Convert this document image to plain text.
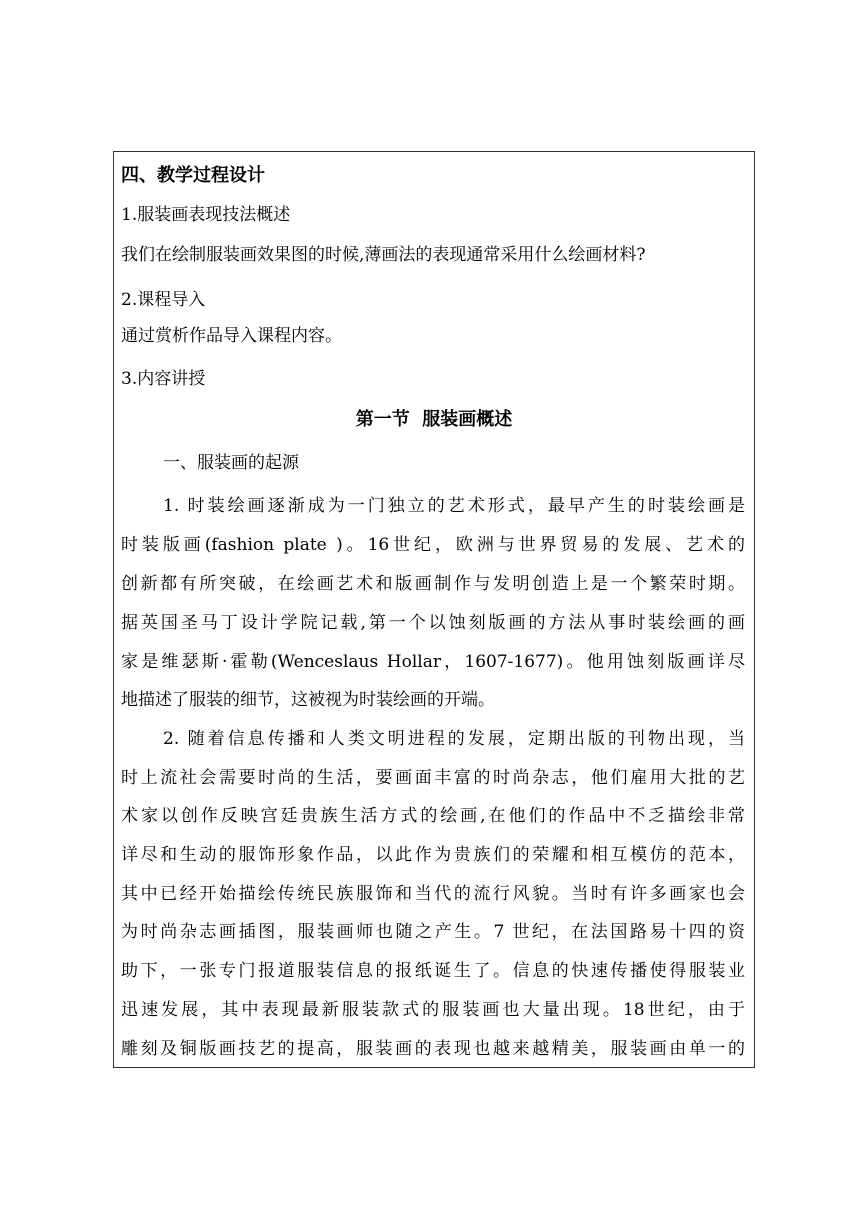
四、教学过程设计
1.服装画表现技法概述
我们在绘制服装画效果图的时候,薄画法的表现通常采用什么绘画材料?
2.课程导入
通过赏析作品导入课程内容。
3.内容讲授
第一节  服装画概述
一、服装画的起源
1. 时装绘画逐渐成为一门独立的艺术形式，最早产生的时装绘画是
时装版画(fashion plate )。16世纪，欧洲与世界贸易的发展、艺术的
创新都有所突破，在绘画艺术和版画制作与发明创造上是一个繁荣时期。
据英国圣马丁设计学院记载,第一个以蚀刻版画的方法从事时装绘画的画
家是维瑟斯·霍勒(Wenceslaus Hollar，1607-1677)。他用蚀刻版画详尽
地描述了服装的细节，这被视为时装绘画的开端。
2. 随着信息传播和人类文明进程的发展，定期出版的刊物出现，当
时上流社会需要时尚的生活，要画面丰富的时尚杂志，他们雇用大批的艺
术家以创作反映宫廷贵族生活方式的绘画,在他们的作品中不乏描绘非常
详尽和生动的服饰形象作品，以此作为贵族们的荣耀和相互模仿的范本，
其中已经开始描绘传统民族服饰和当代的流行风貌。当时有许多画家也会
为时尚杂志画插图，服装画师也随之产生。7 世纪，在法国路易十四的资
助下，一张专门报道服装信息的报纸诞生了。信息的快速传播使得服装业
迅速发展，其中表现最新服装款式的服装画也大量出现。18世纪，由于
雕刻及铜版画技艺的提高，服装画的表现也越来越精美，服装画由单一的
